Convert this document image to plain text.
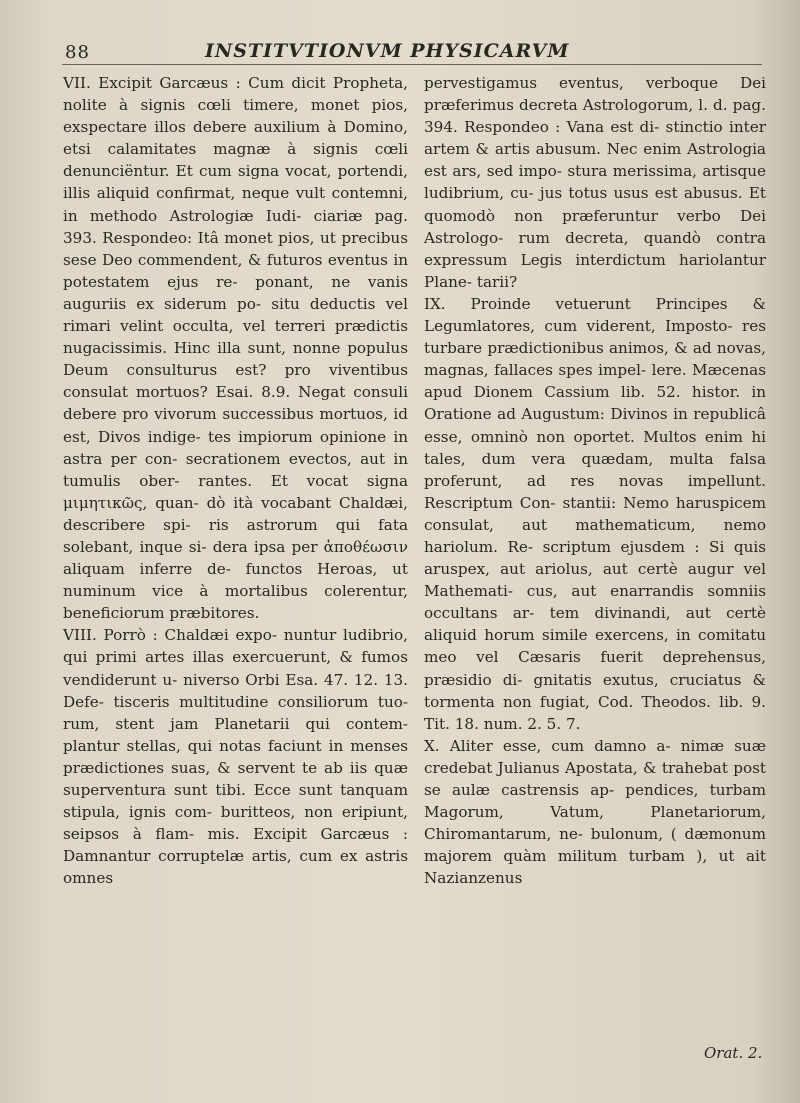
88	INSTITVTIONVM PHYSICARVM

VII. Excipit Garcæus : Cum dicit Propheta, nolite à signis cœli timere, monet pios, exspectare illos debere auxilium à Domino, etsi calamitates magnæ à signis cœli denunciëntur. Et cum signa vocat, portendi, illis aliquid confirmat, neque vult contemni, in methodo Astrologiæ Iudi- ciariæ pag. 393. Respondeo: Itâ monet pios, ut precibus sese Deo commendent, & futuros eventus in potestatem ejus re- ponant, ne vanis auguriis ex siderum po- situ deductis vel rimari velint occulta, vel terreri prædictis nugacissimis. Hinc illa sunt, nonne populus Deum consulturus est? pro viventibus consulat mortuos? Esai. 8.9. Negat consuli debere pro vivorum successibus mortuos, id est, Divos indige- tes impiorum opinione in astra per con- secrationem evectos, aut in tumulis ober- rantes. Et vocat signa μιμητικῶς, quan- dò ità vocabant Chaldæi, describere spi- ris astrorum qui fata solebant, inque si- dera ipsa per ἀποθέωσιν aliquam inferre de- functos Heroas, ut numinum vice à mortalibus colerentur, beneficiorum præbitores.

VIII. Porrò : Chaldæi expo- nuntur ludibrio, qui primi artes illas exercuerunt, & fumos vendiderunt u- niverso Orbi Esa. 47. 12. 13. Defe- tisceris multitudine consiliorum tuo- rum, stent jam Planetarii qui contem- plantur stellas, qui notas faciunt in menses prædictiones suas, & servent te ab iis quæ superventura sunt tibi. Ecce sunt tanquam stipula, ignis com- buritteos, non eripiunt, seipsos à flam- mis. Excipit Garcæus : Damnantur corruptelæ artis, cum ex astris omnes

pervestigamus eventus, verboque Dei præferimus decreta Astrologorum, l. d. pag. 394. Respondeo : Vana est di- stinctio inter artem & artis abusum. Nec enim Astrologia est ars, sed impo- stura merissima, artisque ludibrium, cu- jus totus usus est abusus. Et quomodò non præferuntur verbo Dei Astrologo- rum decreta, quandò contra expressum Legis interdictum hariolantur Plane- tarii?

IX. Proinde vetuerunt Principes & Legumlatores, cum viderent, Imposto- res turbare prædictionibus animos, & ad novas, magnas, fallaces spes impel- lere. Mæcenas apud Dionem Cassium lib. 52. histor. in Oratione ad Augustum: Divinos in republicâ esse, omninò non oportet. Multos enim hi tales, dum vera quædam, multa falsa proferunt, ad res novas impellunt. Rescriptum Con- stantii: Nemo haruspicem consulat, aut mathematicum, nemo hariolum. Re- scriptum ejusdem : Si quis aruspex, aut ariolus, aut certè augur vel Mathemati- cus, aut enarrandis somniis occultans ar- tem divinandi, aut certè aliquid horum simile exercens, in comitatu meo vel Cæsaris fuerit deprehensus, præsidio di- gnitatis exutus, cruciatus & tormenta non fugiat, Cod. Theodos. lib. 9. Tit. 18. num. 2. 5. 7.

X. Aliter esse, cum damno a- nimæ suæ credebat Julianus Apostata, & trahebat post se aulæ castrensis ap- pendices, turbam Magorum, Vatum, Planetariorum, Chiromantarum, ne- bulonum, ( dæmonum majorem quàm militum turbam ), ut ait Nazianzenus

Orat. 2.
